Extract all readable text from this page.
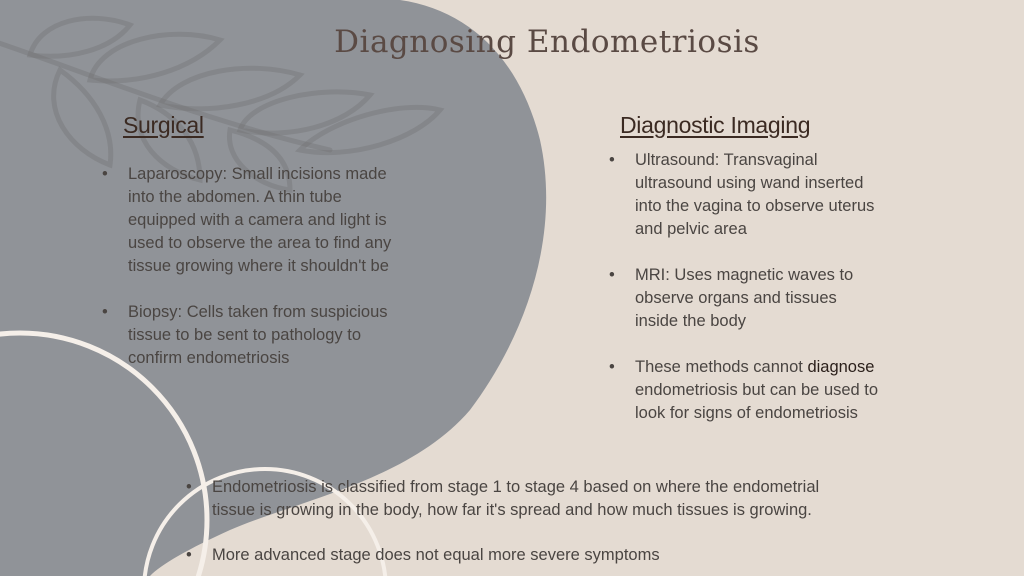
Diagnosing Endometriosis
Surgical
• Laparoscopy: Small incisions made into the abdomen. A thin tube equipped with a camera and light is used to observe the area to find any tissue growing where it shouldn't be
• Biopsy: Cells taken from suspicious tissue to be sent to pathology to confirm endometriosis
Diagnostic Imaging
• Ultrasound: Transvaginal ultrasound using wand inserted into the vagina to observe uterus and pelvic area
• MRI: Uses magnetic waves to observe organs and tissues inside the body
• These methods cannot diagnose endometriosis but can be used to look for signs of endometriosis
• Endometriosis is classified from stage 1 to stage 4 based on where the endometrial tissue is growing in the body, how far it's spread and how much tissues is growing.
• More advanced stage does not equal more severe symptoms
